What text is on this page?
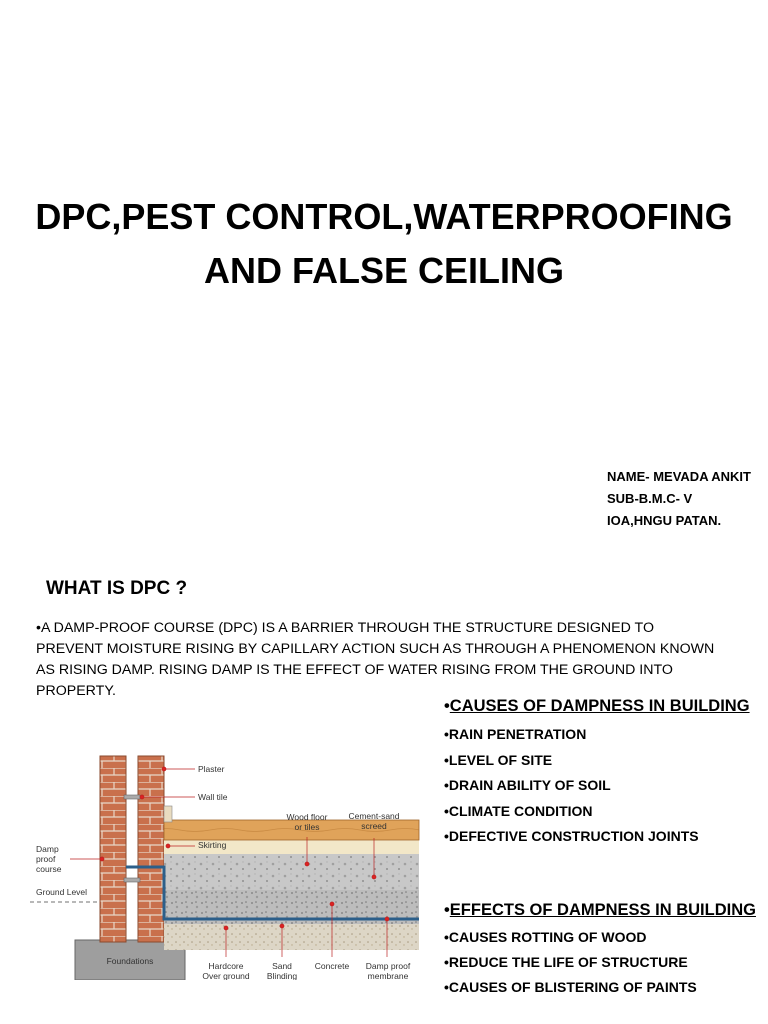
DPC,PEST CONTROL,WATERPROOFING
AND FALSE CEILING
NAME- MEVADA ANKIT
SUB-B.M.C- V
IOA,HNGU PATAN.
WHAT IS DPC ?
•A DAMP-PROOF COURSE (DPC) IS A BARRIER THROUGH THE STRUCTURE DESIGNED TO PREVENT MOISTURE RISING BY CAPILLARY ACTION SUCH AS THROUGH A PHENOMENON KNOWN AS RISING DAMP. RISING DAMP IS THE EFFECT OF WATER RISING FROM THE GROUND INTO PROPERTY.
Foundations
Plaster
Wall tile
Skirting
Wood floor
or tiles
Cement-sand
screed
Damp
proof
course
Ground Level
Hardcore
Over ground
Sand
Blinding
Concrete Damp proof
membrane
•CAUSES OF DAMPNESS IN BUILDING
•RAIN PENETRATION
•LEVEL OF SITE
•DRAIN ABILITY OF SOIL
•CLIMATE CONDITION
•DEFECTIVE CONSTRUCTION JOINTS
•EFFECTS OF DAMPNESS IN BUILDING
•CAUSES ROTTING OF WOOD
•REDUCE THE LIFE OF STRUCTURE
•CAUSES OF BLISTERING OF PAINTS
